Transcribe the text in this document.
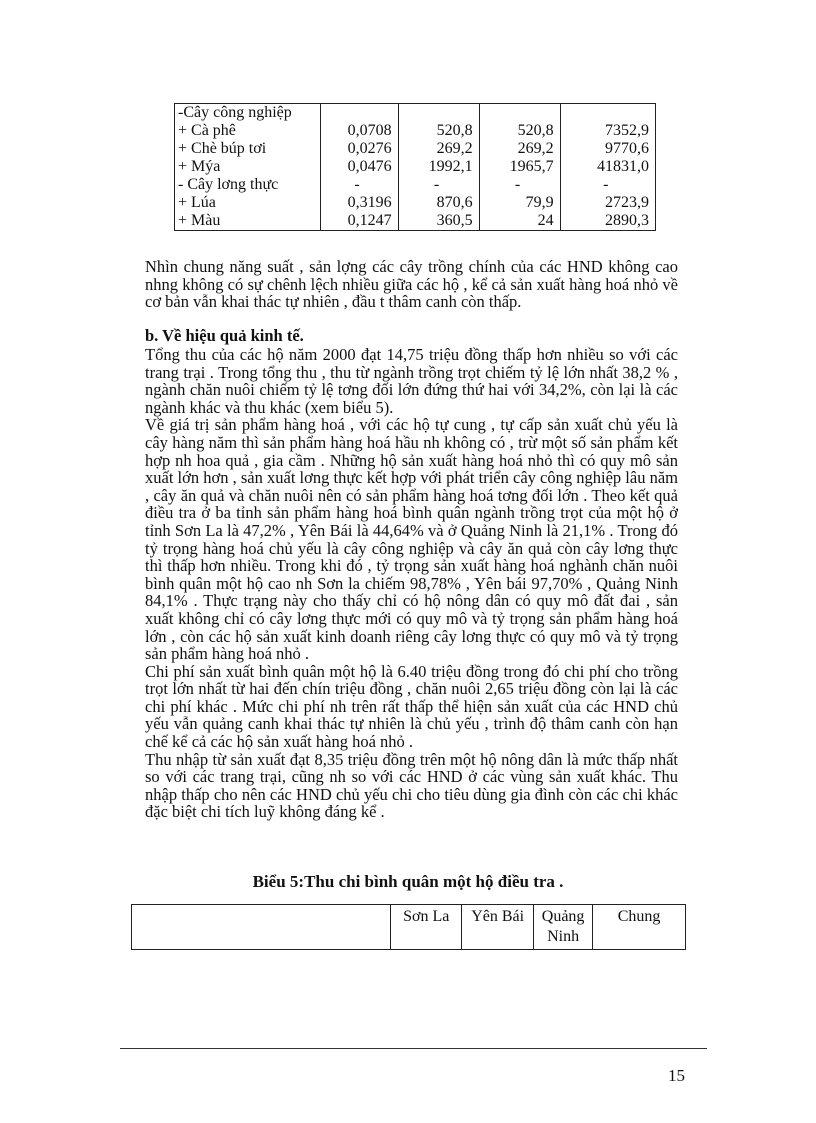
-Cây công nghiệp				
+ Cà phê	0,0708	520,8	520,8	7352,9
+ Chè búp tơi	0,0276	269,2	269,2	9770,6
+ Mýa	0,0476	1992,1	1965,7	41831,0
- Cây lơng thực	-	-	-	-
+ Lúa	0,3196	870,6	79,9	2723,9
+ Màu	0,1247	360,5	24	2890,3

Nhìn chung năng suất , sản lợng các cây trồng chính của các HND không cao nhng không có sự chênh lệch nhiều giữa các hộ , kể cả sản xuất hàng hoá nhỏ về cơ bản vẫn khai thác tự nhiên , đầu t thâm canh còn thấp.

b. Về hiệu quả kinh tế.

Tổng thu của các hộ năm 2000 đạt 14,75 triệu đồng thấp hơn nhiều so với các trang trại . Trong tổng thu , thu từ ngành trồng trọt chiếm tỷ lệ lớn nhất 38,2 % , ngành chăn nuôi chiếm tỷ lệ tơng đối lớn đứng thứ hai với 34,2%, còn lại là các ngành khác và thu khác (xem biểu 5).

Về giá trị sản phẩm hàng hoá , với các hộ tự cung , tự cấp sản xuất chủ yếu là cây hàng năm thì sản phẩm hàng hoá hầu nh không có , trừ một số sản phẩm kết hợp nh hoa quả , gia cầm . Những hộ sản xuất hàng hoá nhỏ thì có quy mô sản xuất lớn hơn , sản xuất lơng thực kết hợp với phát triển cây công nghiệp lâu năm , cây ăn quả và chăn nuôi nên có sản phẩm hàng hoá tơng đối lớn . Theo kết quả điều tra ở ba tỉnh sản phẩm hàng hoá bình quân ngành trồng trọt của một hộ ở tỉnh Sơn La là 47,2% , Yên Bái là 44,64% và ở Quảng Ninh là 21,1% . Trong đó tỷ trọng hàng hoá chủ yếu là cây công nghiệp và cây ăn quả còn cây lơng thực thì thấp hơn nhiều. Trong khi đó , tỷ trọng sản xuất hàng hoá nghành chăn nuôi bình quân một hộ cao nh Sơn la chiếm 98,78% , Yên bái 97,70% , Quảng Ninh 84,1% . Thực trạng này cho thấy chỉ có hộ nông dân có quy mô đất đai , sản xuất không chỉ có cây lơng thực mới có quy mô và tỷ trọng sản phẩm hàng hoá lớn , còn các hộ sản xuất kinh doanh riêng cây lơng thực có quy mô và tỷ trọng sản phẩm hàng hoá nhỏ .

Chi phí sản xuất bình quân một hộ là 6.40 triệu đồng trong đó chi phí cho trồng trọt lớn nhất từ hai đến chín triệu đồng , chăn nuôi 2,65 triệu đồng còn lại là các chi phí khác . Mức chi phí nh trên rất thấp thể hiện sản xuất của các HND chủ yếu vẫn quảng canh khai thác tự nhiên là chủ yếu , trình độ thâm canh còn hạn chế kể cả các hộ sản xuất hàng hoá nhỏ .

Thu nhập từ sản xuất đạt 8,35 triệu đồng trên một hộ nông dân là mức thấp nhất so với các trang trại, cũng nh so với các HND ở các vùng sản xuất khác. Thu nhập thấp cho nên các HND chủ yếu chi cho tiêu dùng gia đình còn các chi khác đặc biệt chi tích luỹ không đáng kể .

Biểu 5:Thu chi bình quân một hộ điều tra .
	Sơn La	Yên Bái	Quảng Ninh	Chung
15
